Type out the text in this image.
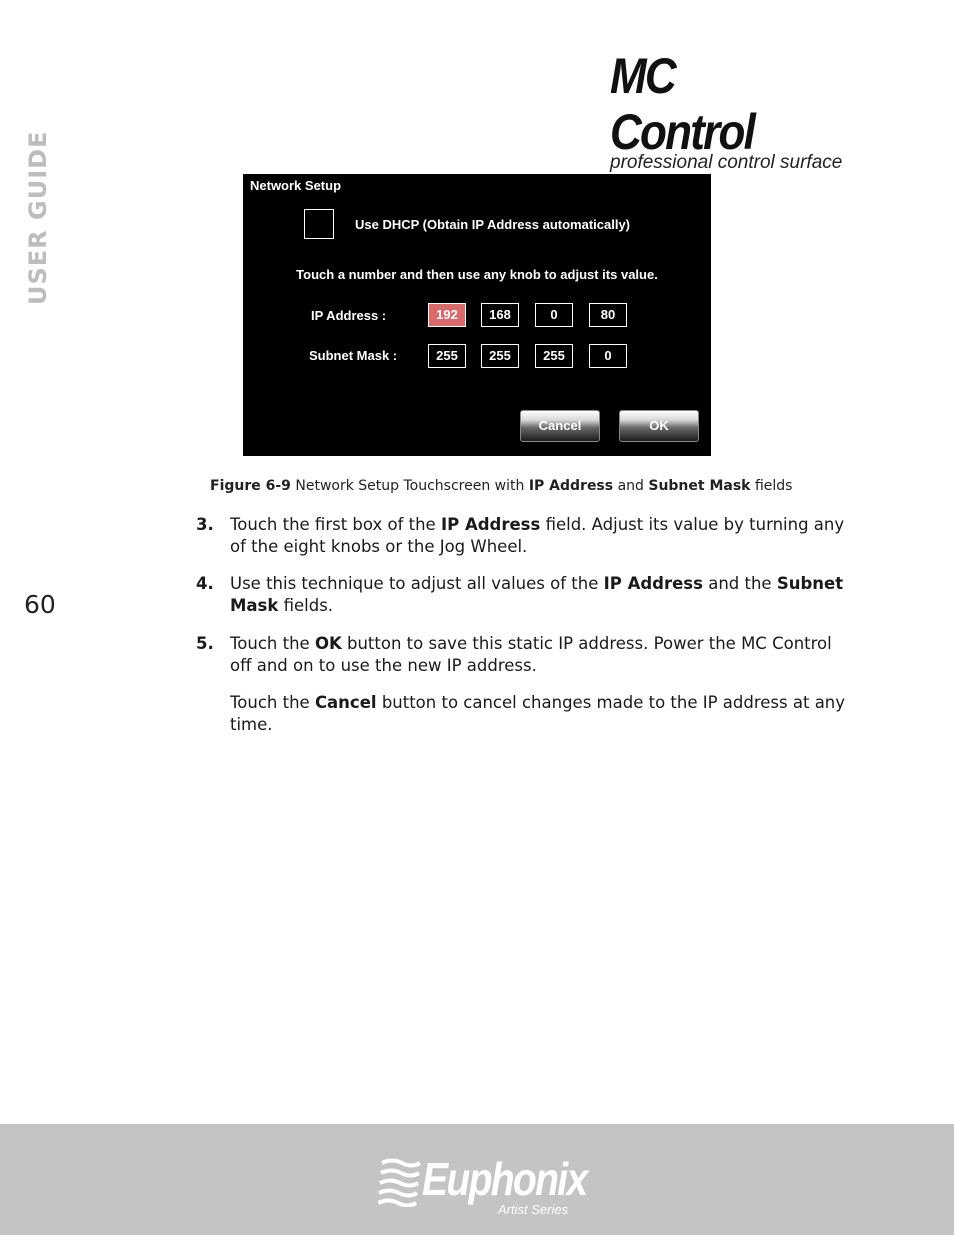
MC Control
professional control surface
USER GUIDE
60
Network Setup
Use DHCP (Obtain IP Address automatically)
Touch a number and then use any knob to adjust its value.
IP Address :	192	168	0	80
Subnet Mask :	255	255	255	0
Cancel	OK
Figure 6-9 Network Setup Touchscreen with IP Address and Subnet Mask fields
3. Touch the first box of the IP Address field. Adjust its value by turning any of the eight knobs or the Jog Wheel.
4. Use this technique to adjust all values of the IP Address and the Subnet Mask fields.
5. Touch the OK button to save this static IP address. Power the MC Control off and on to use the new IP address.
Touch the Cancel button to cancel changes made to the IP address at any time.
Euphonix
Artist Series
